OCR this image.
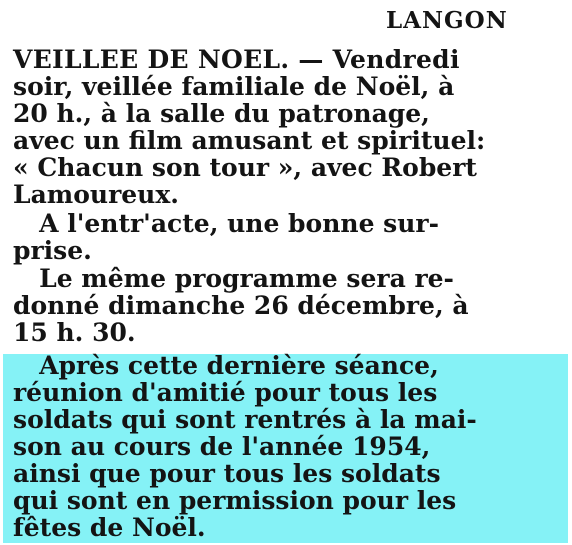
LANGON
VEILLEE DE NOEL. — Vendredi
soir, veillée familiale de Noël, à
20 h., à la salle du patronage,
avec un film amusant et spirituel:
« Chacun son tour », avec Robert
Lamoureux.
A l'entr'acte, une bonne sur-
prise.
Le même programme sera re-
donné dimanche 26 décembre, à
15 h. 30.
Après cette dernière séance,
réunion d'amitié pour tous les
soldats qui sont rentrés à la mai-
son au cours de l'année 1954,
ainsi que pour tous les soldats
qui sont en permission pour les
fêtes de Noël.
